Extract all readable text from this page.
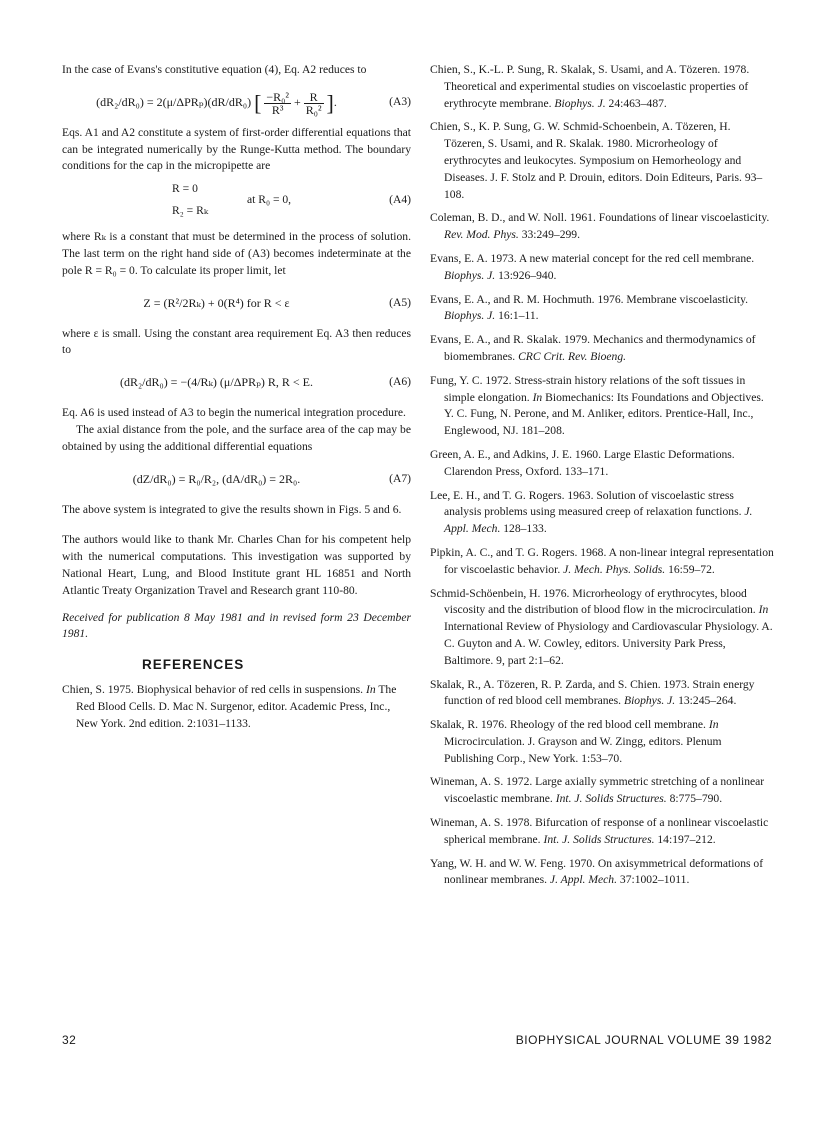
In the case of Evans's constitutive equation (4), Eq. A2 reduces to

(dR₂/dR₀) = 2(μ/ΔPRₚ)(dR/dR₀) [ $\frac{\text{−R₀²}}{\text{R³}} + \frac{R}{\text{R₀²}}$ ].	(A3)

Eqs. A1 and A2 constitute a system of first-order differential equations that can be integrated numerically by the Runge-Kutta method. The boundary conditions for the cap in the micropipette are

R = 0
R₂ = Rₖ
at R₀ = 0,	(A4)

where Rₖ is a constant that must be determined in the process of solution. The last term on the right hand side of (A3) becomes indeterminate at the pole R = R₀ = 0. To calculate its proper limit, let

Z = (R²/2Rₖ) + 0(R⁴) for R < ε	(A5)

where ε is small. Using the constant area requirement Eq. A3 then reduces to

(dR₂/dR₀) = −(4/Rₖ) (μ/ΔPRₚ) R, R < E.	(A6)

Eq. A6 is used instead of A3 to begin the numerical integration procedure.

The axial distance from the pole, and the surface area of the cap may be obtained by using the additional differential equations

(dZ/dR₀) = R₀/R₂, (dA/dR₀) = 2R₀.	(A7)

The above system is integrated to give the results shown in Figs. 5 and 6.

The authors would like to thank Mr. Charles Chan for his competent help with the numerical computations. This investigation was supported by National Heart, Lung, and Blood Institute grant HL 16851 and North Atlantic Treaty Organization Travel and Research grant 110-80.

Received for publication 8 May 1981 and in revised form 23 December 1981.

REFERENCES

Chien, S. 1975. Biophysical behavior of red cells in suspensions. In The Red Blood Cells. D. Mac N. Surgenor, editor. Academic Press, Inc., New York. 2nd edition. 2:1031–1133.

Chien, S., K.-L. P. Sung, R. Skalak, S. Usami, and A. Tözeren. 1978. Theoretical and experimental studies on viscoelastic properties of erythrocyte membrane. Biophys. J. 24:463–487.

Chien, S., K. P. Sung, G. W. Schmid-Schoenbein, A. Tözeren, H. Tözeren, S. Usami, and R. Skalak. 1980. Microrheology of erythrocytes and leukocytes. Symposium on Hemorheology and Diseases. J. F. Stolz and P. Drouin, editors. Doin Editeurs, Paris. 93–108.

Coleman, B. D., and W. Noll. 1961. Foundations of linear viscoelasticity. Rev. Mod. Phys. 33:249–299.

Evans, E. A. 1973. A new material concept for the red cell membrane. Biophys. J. 13:926–940.

Evans, E. A., and R. M. Hochmuth. 1976. Membrane viscoelasticity. Biophys. J. 16:1–11.

Evans, E. A., and R. Skalak. 1979. Mechanics and thermodynamics of biomembranes. CRC Crit. Rev. Bioeng.

Fung, Y. C. 1972. Stress-strain history relations of the soft tissues in simple elongation. In Biomechanics: Its Foundations and Objectives. Y. C. Fung, N. Perone, and M. Anliker, editors. Prentice-Hall, Inc., Englewood, NJ. 181–208.

Green, A. E., and Adkins, J. E. 1960. Large Elastic Deformations. Clarendon Press, Oxford. 133–171.

Lee, E. H., and T. G. Rogers. 1963. Solution of viscoelastic stress analysis problems using measured creep of relaxation functions. J. Appl. Mech. 128–133.

Pipkin, A. C., and T. G. Rogers. 1968. A non-linear integral representation for viscoelastic behavior. J. Mech. Phys. Solids. 16:59–72.

Schmid-Schöenbein, H. 1976. Microrheology of erythrocytes, blood viscosity and the distribution of blood flow in the microcirculation. In International Review of Physiology and Cardiovascular Physiology. A. C. Guyton and A. W. Cowley, editors. University Park Press, Baltimore. 9, part 2:1–62.

Skalak, R., A. Tözeren, R. P. Zarda, and S. Chien. 1973. Strain energy function of red blood cell membranes. Biophys. J. 13:245–264.

Skalak, R. 1976. Rheology of the red blood cell membrane. In Microcirculation. J. Grayson and W. Zingg, editors. Plenum Publishing Corp., New York. 1:53–70.

Wineman, A. S. 1972. Large axially symmetric stretching of a nonlinear viscoelastic membrane. Int. J. Solids Structures. 8:775–790.

Wineman, A. S. 1978. Bifurcation of response of a nonlinear viscoelastic spherical membrane. Int. J. Solids Structures. 14:197–212.

Yang, W. H. and W. W. Feng. 1970. On axisymmetrical deformations of nonlinear membranes. J. Appl. Mech. 37:1002–1011.

32	BIOPHYSICAL JOURNAL VOLUME 39 1982
